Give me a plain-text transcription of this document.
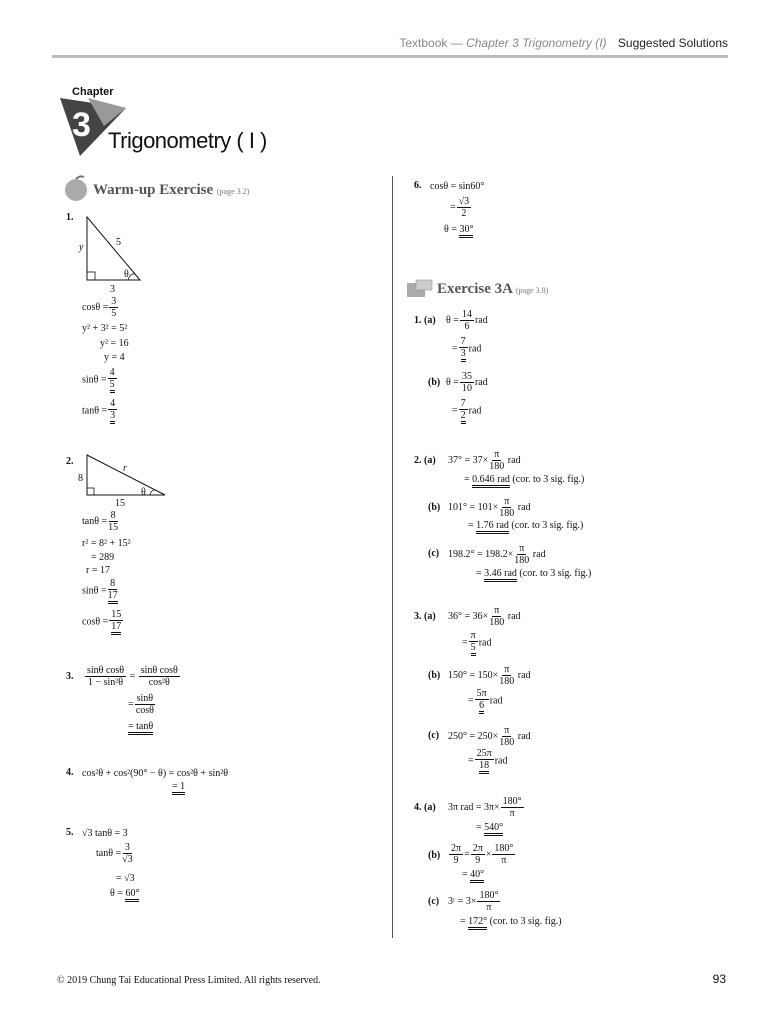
Textbook — Chapter 3 Trigonometry (I) Suggested Solutions
Chapter
3 Trigonometry ( I )
Warm-up Exercise (page 3.2)
1.
y	5
θ
3
$\cos\theta = \frac{3}{5}$
y² + 3² = 5²
y² = 16
y = 4
$\sin\theta = \frac{4}{5}$
$\tan\theta = \frac{4}{3}$
2.
8
r
θ
15
$\tan\theta = \frac{8}{15}$
r² = 8² + 15²
= 289
r = 17
$\sin\theta = \frac{8}{17}$
$\cos\theta = \frac{15}{17}$
3. $\frac{\text{sinθ cosθ}}{\text{1 − sin²θ}} = \frac{\text{sinθ cosθ}}{\text{cos²θ}}$
= $\frac{\sin\theta}{\cos\theta}$
= tanθ
4. cos²θ + cos²(90° − θ) = cos²θ + sin²θ
= 1
5. √3 tanθ = 3
$\tan\theta = \frac{3}{√3}$
= √3
θ = 60°
6. cosθ = sin60°
= $\frac{√3}{2}$
θ = 30°
Exercise 3A (page 3.8)
1. (a) $\theta = \frac{14}{6}$ rad
= $\frac{7}{3}$ rad
(b) $\theta = \frac{35}{10}$ rad
= $\frac{7}{2}$ rad
2. (a) $37^\circ = 37\times \frac{\pi}{180}$ rad
= 0.646 rad (cor. to 3 sig. fig.)
(b) $101^\circ = 101\times \frac{\pi}{180}$ rad
= 1.76 rad (cor. to 3 sig. fig.)
(c) $198.2^\circ = 198.2\times \frac{\pi}{180}$ rad
= 3.46 rad (cor. to 3 sig. fig.)
3. (a) $36^\circ = 36\times \frac{\pi}{180}$ rad
= $\frac{\pi}{5}$ rad
(b) $150^\circ = 150\times \frac{\pi}{180}$ rad
= $\frac{5\pi}{6}$ rad
(c) $250^\circ = 250\times \frac{\pi}{180}$ rad
= $\frac{25\pi}{18}$ rad
4. (a) 3π rad = $3\pi\times \frac{180^\circ}{\pi}$
= 540°
$(b) \frac{2\pi}{9} = \frac{2\pi}{9} \times \frac{180^\circ}{\pi}$
= 40°
(c) 3ʳ = $3\times \frac{180^\circ}{\pi}$
= 172° (cor. to 3 sig. fig.)
© 2019 Chung Tai Educational Press Limited. All rights reserved.	93
